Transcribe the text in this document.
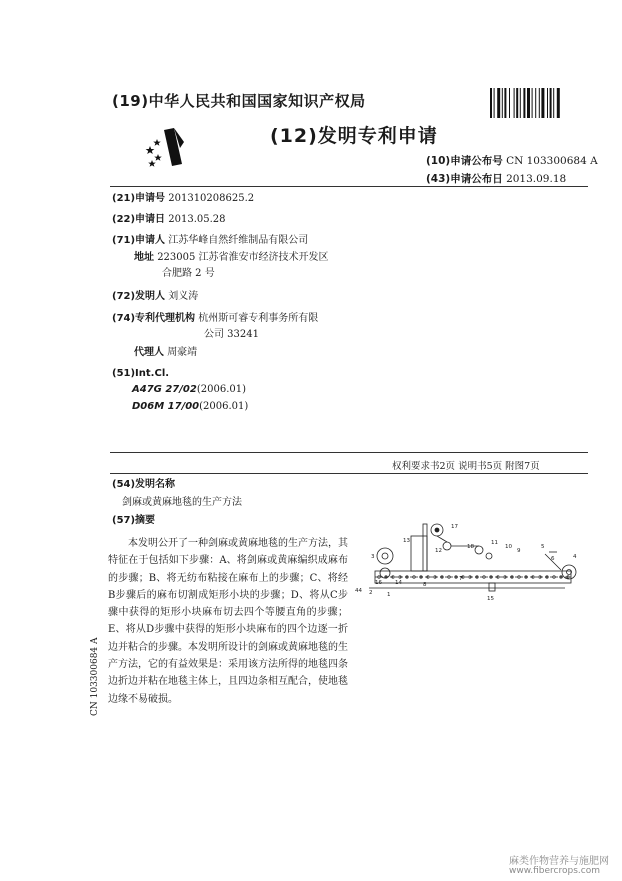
(19)中华人民共和国国家知识产权局
(12)发明专利申请
(10)申请公布号 CN 103300684 A
(43)申请公布日 2013.09.18
(21)申请号 201310208625.2
(22)申请日 2013.05.28
(71)申请人 江苏华峰自然纤维制品有限公司
地址 223005 江苏省淮安市经济技术开发区
合肥路 2 号
(72)发明人 刘义涛
(74)专利代理机构 杭州斯可睿专利事务所有限
公司 33241
代理人 周豪靖
(51)Int.Cl.
A47G 27/02(2006.01)
D06M 17/00(2006.01)
权利要求书2页 说明书5页 附图7页
(54)发明名称
剑麻或黄麻地毯的生产方法
(57)摘要
本发明公开了一种剑麻或黄麻地毯的生产方法，其特征在于包括如下步骤：A、将剑麻或黄麻编织成麻布的步骤；B、将无纺布粘接在麻布上的步骤；C、将经B步骤后的麻布切割成矩形小块的步骤；D、将从C步骤中获得的矩形小块麻布切去四个等腰直角的步骤；E、将从D步骤中获得的矩形小块麻布的四个边逐一折边并粘合的步骤。本发明所设计的剑麻或黄麻地毯的生产方法，它的有益效果是：采用该方法所得的地毯四条边折边并粘在地毯主体上，且四边条相互配合，使地毯边缘不易破损。
17
13
12
18
11
10
9
5
6	4
3
16 14	8
7
2	1
15
44
CN 103300684 A
麻类作物营养与施肥网
www.fibercrops.com
